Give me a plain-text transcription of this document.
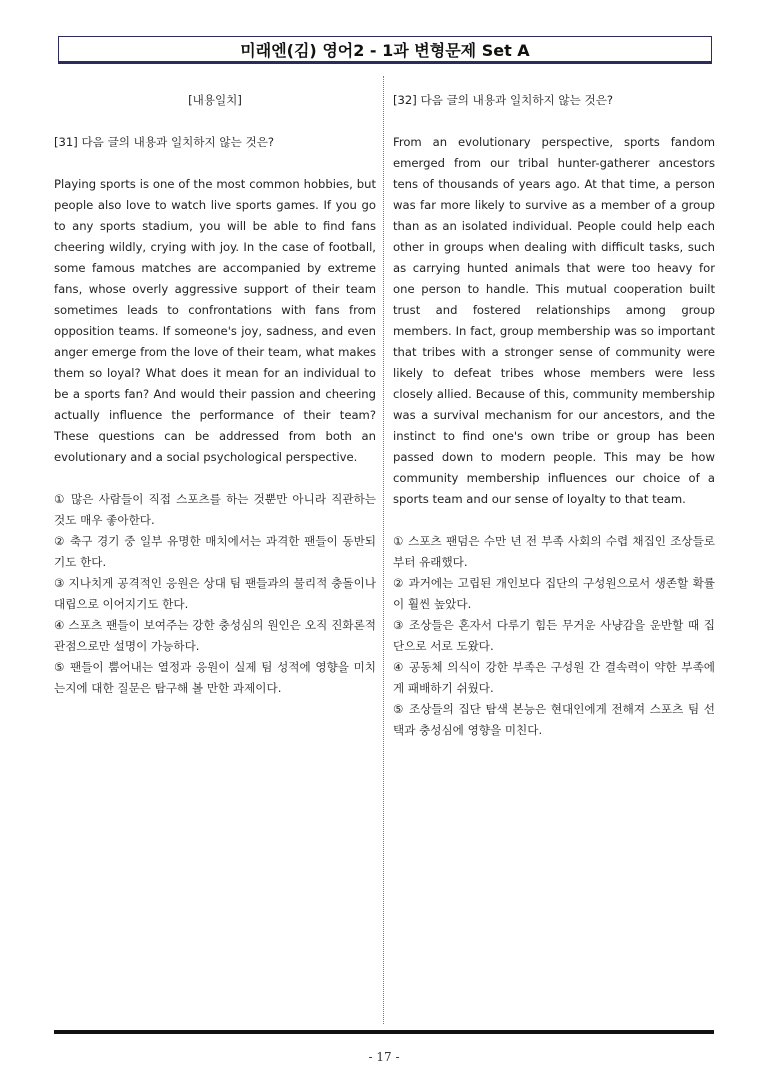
미래엔(김) 영어2 - 1과 변형문제 Set A

[내용일치]

[31] 다음 글의 내용과 일치하지 않는 것은?

Playing sports is one of the most common hobbies, but people also love to watch live sports games. If you go to any sports stadium, you will be able to find fans cheering wildly, crying with joy. In the case of football, some famous matches are accompanied by extreme fans, whose overly aggressive support of their team sometimes leads to confrontations with fans from opposition teams. If someone's joy, sadness, and even anger emerge from the love of their team, what makes them so loyal? What does it mean for an individual to be a sports fan? And would their passion and cheering actually influence the performance of their team? These questions can be addressed from both an evolutionary and a social psychological perspective.

① 많은 사람들이 직접 스포츠를 하는 것뿐만 아니라 직관하는 것도 매우 좋아한다.

② 축구 경기 중 일부 유명한 매치에서는 과격한 팬들이 동반되기도 한다.

③ 지나치게 공격적인 응원은 상대 팀 팬들과의 물리적 충돌이나 대립으로 이어지기도 한다.

④ 스포츠 팬들이 보여주는 강한 충성심의 원인은 오직 진화론적 관점으로만 설명이 가능하다.

⑤ 팬들이 뿜어내는 열정과 응원이 실제 팀 성적에 영향을 미치는지에 대한 질문은 탐구해 볼 만한 과제이다.

[32] 다음 글의 내용과 일치하지 않는 것은?

From an evolutionary perspective, sports fandom emerged from our tribal hunter-gatherer ancestors tens of thousands of years ago. At that time, a person was far more likely to survive as a member of a group than as an isolated individual. People could help each other in groups when dealing with difficult tasks, such as carrying hunted animals that were too heavy for one person to handle. This mutual cooperation built trust and fostered relationships among group members. In fact, group membership was so important that tribes with a stronger sense of community were likely to defeat tribes whose members were less closely allied. Because of this, community membership was a survival mechanism for our ancestors, and the instinct to find one's own tribe or group has been passed down to modern people. This may be how community membership influences our choice of a sports team and our sense of loyalty to that team.

① 스포츠 팬덤은 수만 년 전 부족 사회의 수렵 채집인 조상들로부터 유래했다.

② 과거에는 고립된 개인보다 집단의 구성원으로서 생존할 확률이 훨씬 높았다.

③ 조상들은 혼자서 다루기 힘든 무거운 사냥감을 운반할 때 집단으로 서로 도왔다.

④ 공동체 의식이 강한 부족은 구성원 간 결속력이 약한 부족에게 패배하기 쉬웠다.

⑤ 조상들의 집단 탐색 본능은 현대인에게 전해져 스포츠 팀 선택과 충성심에 영향을 미친다.

- 17 -
